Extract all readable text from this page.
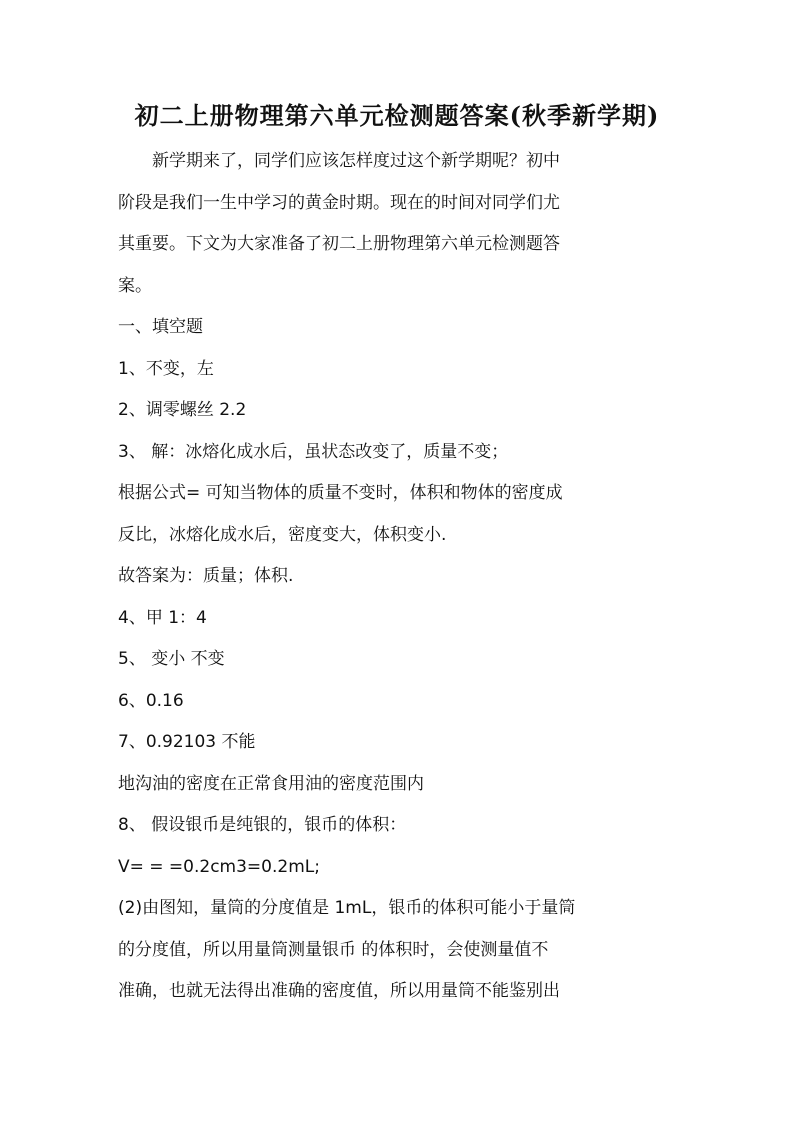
初二上册物理第六单元检测题答案(秋季新学期)
新学期来了，同学们应该怎样度过这个新学期呢？初中
阶段是我们一生中学习的黄金时期。现在的时间对同学们尤
其重要。下文为大家准备了初二上册物理第六单元检测题答
案。
一、填空题
1、不变，左
2、调零螺丝 2.2
3、 解：冰熔化成水后，虽状态改变了，质量不变；
根据公式= 可知当物体的质量不变时，体积和物体的密度成
反比，冰熔化成水后，密度变大，体积变小.
故答案为：质量；体积.
4、甲 1：4
5、 变小 不变
6、0.16
7、0.92103 不能
地沟油的密度在正常食用油的密度范围内
8、 假设银币是纯银的，银币的体积：
V= = =0.2cm3=0.2mL;
(2)由图知，量筒的分度值是 1mL，银币的体积可能小于量筒
的分度值，所以用量筒测量银币 的体积时，会使测量值不
准确，也就无法得出准确的密度值，所以用量筒不能鉴别出
